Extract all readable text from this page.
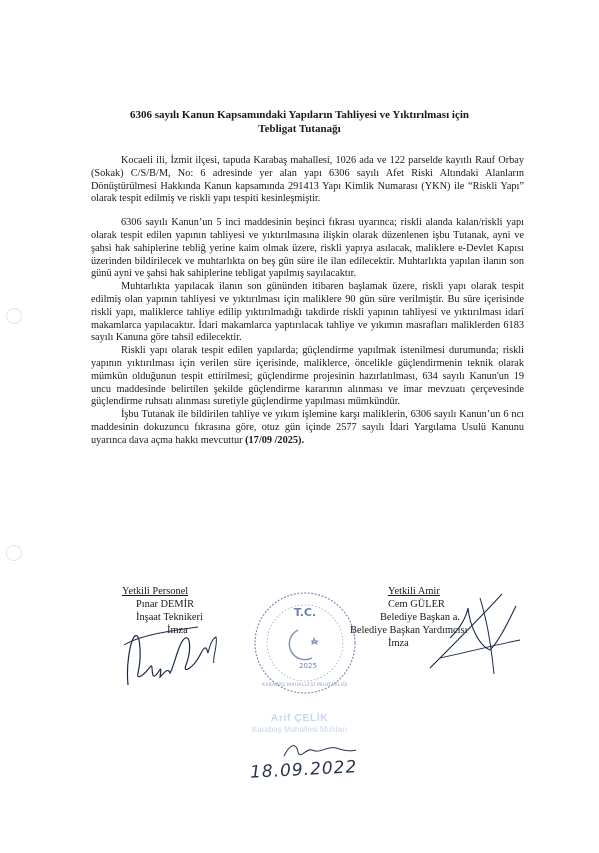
6306 sayılı Kanun Kapsamındaki Yapıların Tahliyesi ve Yıktırılması için
Tebligat Tutanağı

Kocaeli ili, İzmit ilçesi, tapuda Karabaş mahallesi, 1026 ada ve 122 parselde kayıtlı Rauf Orbay (Sokak) C/S/B/M, No: 6 adresinde yer alan yapı 6306 sayılı Afet Riski Altındaki Alanların Dönüştürülmesi Hakkında Kanun kapsamında 291413 Yapı Kimlik Numarası (YKN) ile “Riskli Yapı” olarak tespit edilmiş ve riskli yapı tespiti kesinleşmiştir.

6306 sayılı Kanun’un 5 inci maddesinin beşinci fıkrası uyarınca; riskli alanda kalan/riskli yapı olarak tespit edilen yapının tahliyesi ve yıktırılmasına ilişkin olarak düzenlenen işbu Tutanak, ayni ve şahsi hak sahiplerine tebliğ yerine kaim olmak üzere, riskli yapıya asılacak, maliklere e-Devlet Kapısı üzerinden bildirilecek ve muhtarlıkta on beş gün süre ile ilan edilecektir. Muhtarlıkta yapılan ilanın son günü ayni ve şahsi hak sahiplerine tebligat yapılmış sayılacaktır.

Muhtarlıkta yapılacak ilanın son gününden itibaren başlamak üzere, riskli yapı olarak tespit edilmiş olan yapının tahliyesi ve yıktırılması için maliklere 90 gün süre verilmiştir. Bu süre içerisinde riskli yapı, maliklerce tahliye edilip yıktırılmadığı takdirde riskli yapının tahliyesi ve yıktırılması idarî makamlarca yapılacaktır. İdari makamlarca yaptırılacak tahliye ve yıkımın masrafları maliklerden 6183 sayılı Kanuna göre tahsil edilecektir.

Riskli yapı olarak tespit edilen yapılarda; güçlendirme yapılmak istenilmesi durumunda; riskli yapının yıktırılması için verilen süre içerisinde, maliklerce, öncelikle güçlendirmenin teknik olarak mümkün olduğunun tespit ettirilmesi; güçlendirme projesinin hazırlatılması, 634 sayılı Kanun'un 19 uncu maddesinde belirtilen şekilde güçlendirme kararının alınması ve imar mevzuatı çerçevesinde güçlendirme ruhsatı alınması suretiyle güçlendirme yapılması mümkündür.

İşbu Tutanak ile bildirilen tahliye ve yıkım işlemine karşı maliklerin, 6306 sayılı Kanun’un 6 ncı maddesinin dokuzuncu fıkrasına göre, otuz gün içinde 2577 sayılı İdari Yargılama Usulü Kanunu uyarınca dava açma hakkı mevcuttur (17/09 /2025).

Yetkili Personel
Pınar DEMİR
İnşaat Teknikeri
İmza
Yetkili Amir
Cem GÜLER
Belediye Başkan a.
Belediye Başkan Yardımcısı
İmza
T.C.
2025
KARABAŞ MAHALLESİ MUHTARLIĞI
Arif ÇELİK
Karabaş Mahallesi Muhtarı
18.09.2022
